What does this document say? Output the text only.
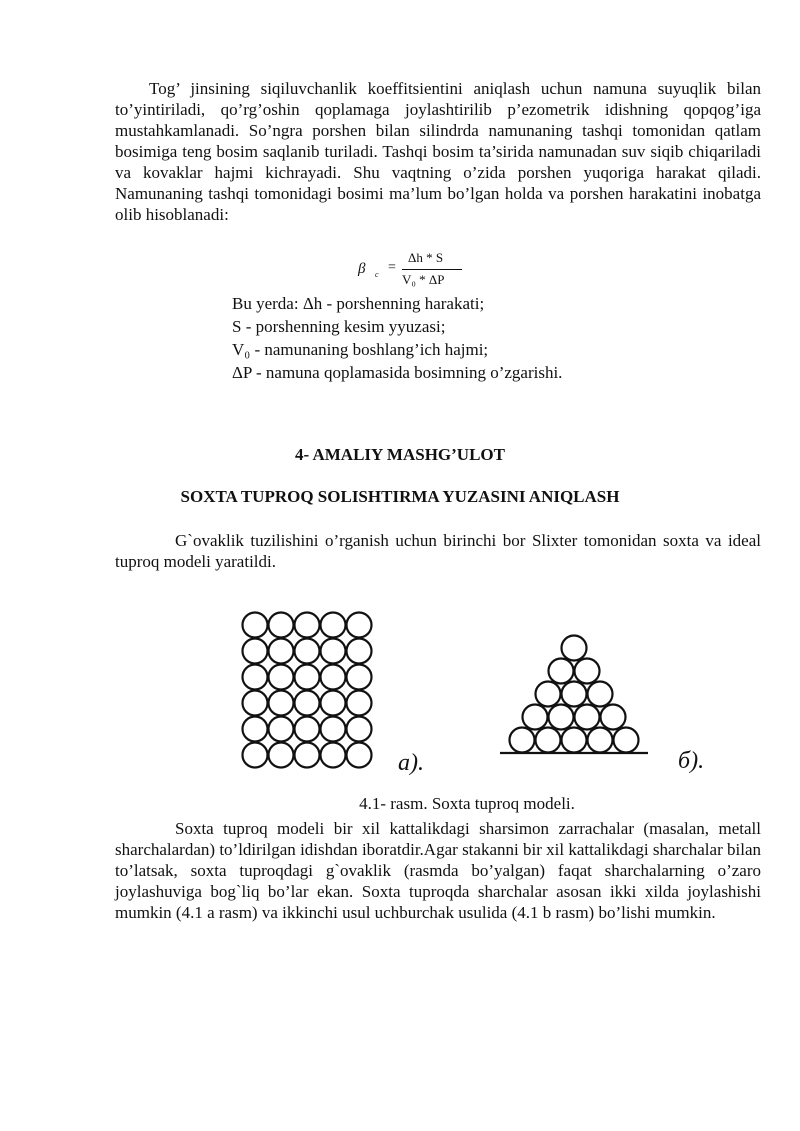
Tog’ jinsining siqiluvchanlik koeffitsientini aniqlash uchun namuna suyuqlik bilan to’yintiriladi, qo’rg’oshin qoplamaga joylashtirilib p’ezometrik idishning qopqog’iga mustahkamlanadi. So’ngra porshen bilan silindrda namunaning tashqi tomonidan qatlam bosimiga teng bosim saqlanib turiladi. Tashqi bosim ta’sirida namunadan suv siqib chiqariladi va kovaklar hajmi kichrayadi. Shu vaqtning o’zida porshen yuqoriga harakat qiladi. Namunaning tashqi tomonidagi bosimi ma’lum bo’lgan holda va porshen harakatini inobatga olib hisoblanadi:

β с =
Δh * S
V₀ * ΔP
Bu yerda: Δh - porshenning harakati;
S - porshenning kesim yyuzasi;
V₀ - namunaning boshlang’ich hajmi;
ΔP - namuna qoplamasida bosimning o’zgarishi.
4- AMALIY MASHG’ULOT
SOXTA TUPROQ SOLISHTIRMA YUZASINI ANIQLASH

G`ovaklik tuzilishini o’rganish uchun birinchi bor Slixter tomonidan soxta va ideal tuproq modeli yaratildi.

a).	б).
4.1- rasm. Soxta tuproq modeli.

Soxta tuproq modeli bir xil kattalikdagi sharsimon zarrachalar (masalan, metall sharchalardan) to’ldirilgan idishdan iboratdir.Agar stakanni bir xil kattalikdagi sharchalar bilan to’latsak, soxta tuproqdagi g`ovaklik (rasmda bo’yalgan) faqat sharchalarning o’zaro joylashuviga bog`liq bo’lar ekan. Soxta tuproqda sharchalar asosan ikki xilda joylashishi mumkin (4.1 a rasm) va ikkinchi usul uchburchak usulida (4.1 b rasm) bo’lishi mumkin.
